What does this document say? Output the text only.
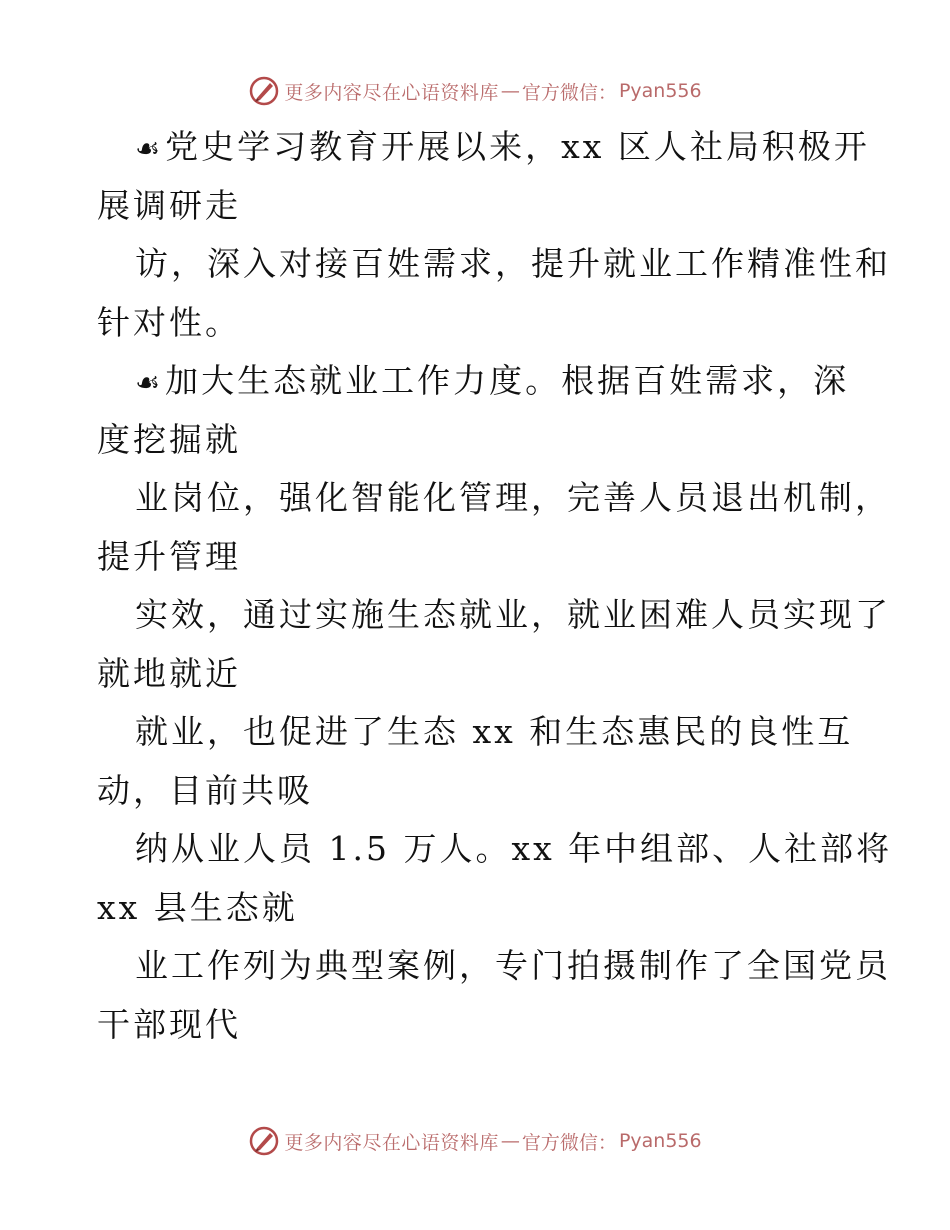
更多内容尽在心语资料库 — 官方微信： Pyan556
☙党史学习教育开展以来，xx 区人社局积极开
展调研走
访，深入对接百姓需求，提升就业工作精准性和
针对性。
☙加大生态就业工作力度。根据百姓需求，深
度挖掘就
业岗位，强化智能化管理，完善人员退出机制，
提升管理
实效，通过实施生态就业，就业困难人员实现了
就地就近
就业，也促进了生态 xx 和生态惠民的良性互
动，目前共吸
纳从业人员 1.5 万人。xx 年中组部、人社部将
xx 县生态就
业工作列为典型案例，专门拍摄制作了全国党员
干部现代
更多内容尽在心语资料库 — 官方微信： Pyan556
